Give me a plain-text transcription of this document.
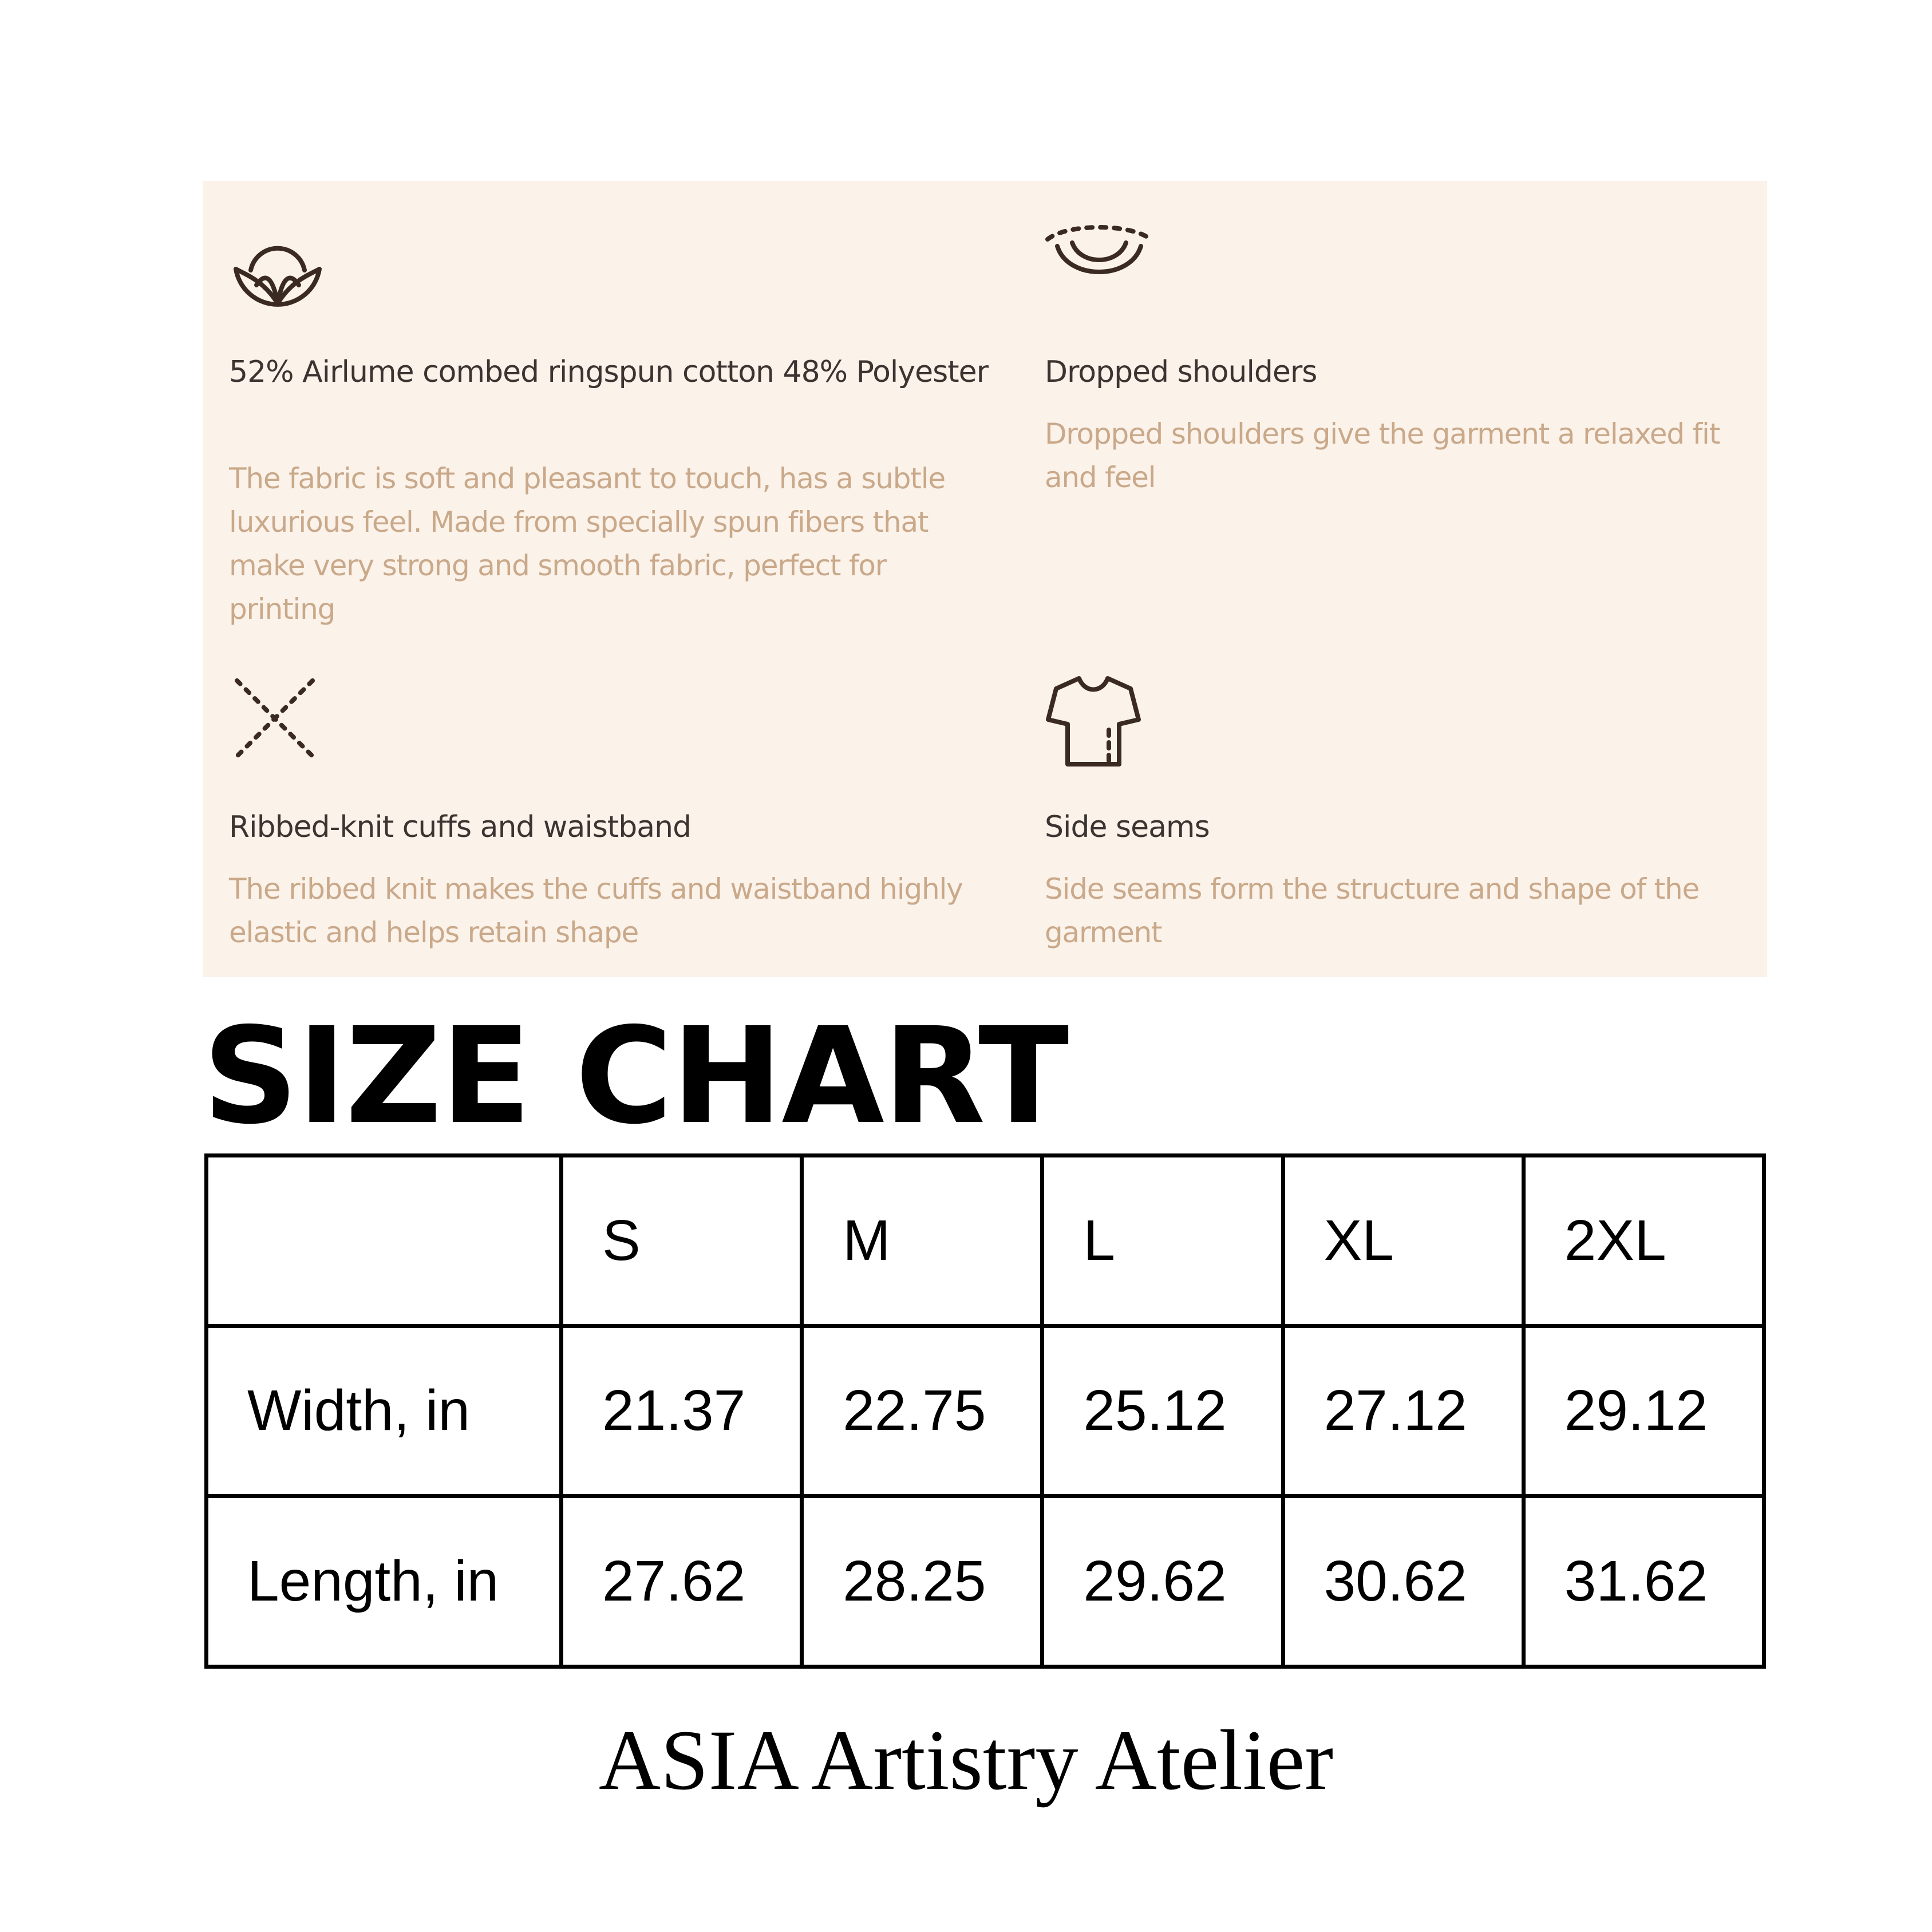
52% Airlume combed ringspun cotton 48% Polyester
The fabric is soft and pleasant to touch, has a subtle luxurious feel. Made from specially spun fibers that make very strong and smooth fabric, perfect for printing
Dropped shoulders
Dropped shoulders give the garment a relaxed fit and feel
Ribbed-knit cuffs and waistband
The ribbed knit makes the cuffs and waistband highly elastic and helps retain shape
Side seams
Side seams form the structure and shape of the garment
SIZE CHART
	S	M	L	XL	2XL
Width, in	21.37	22.75	25.12	27.12	29.12
Length, in	27.62	28.25	29.62	30.62	31.62
ASIA Artistry Atelier
